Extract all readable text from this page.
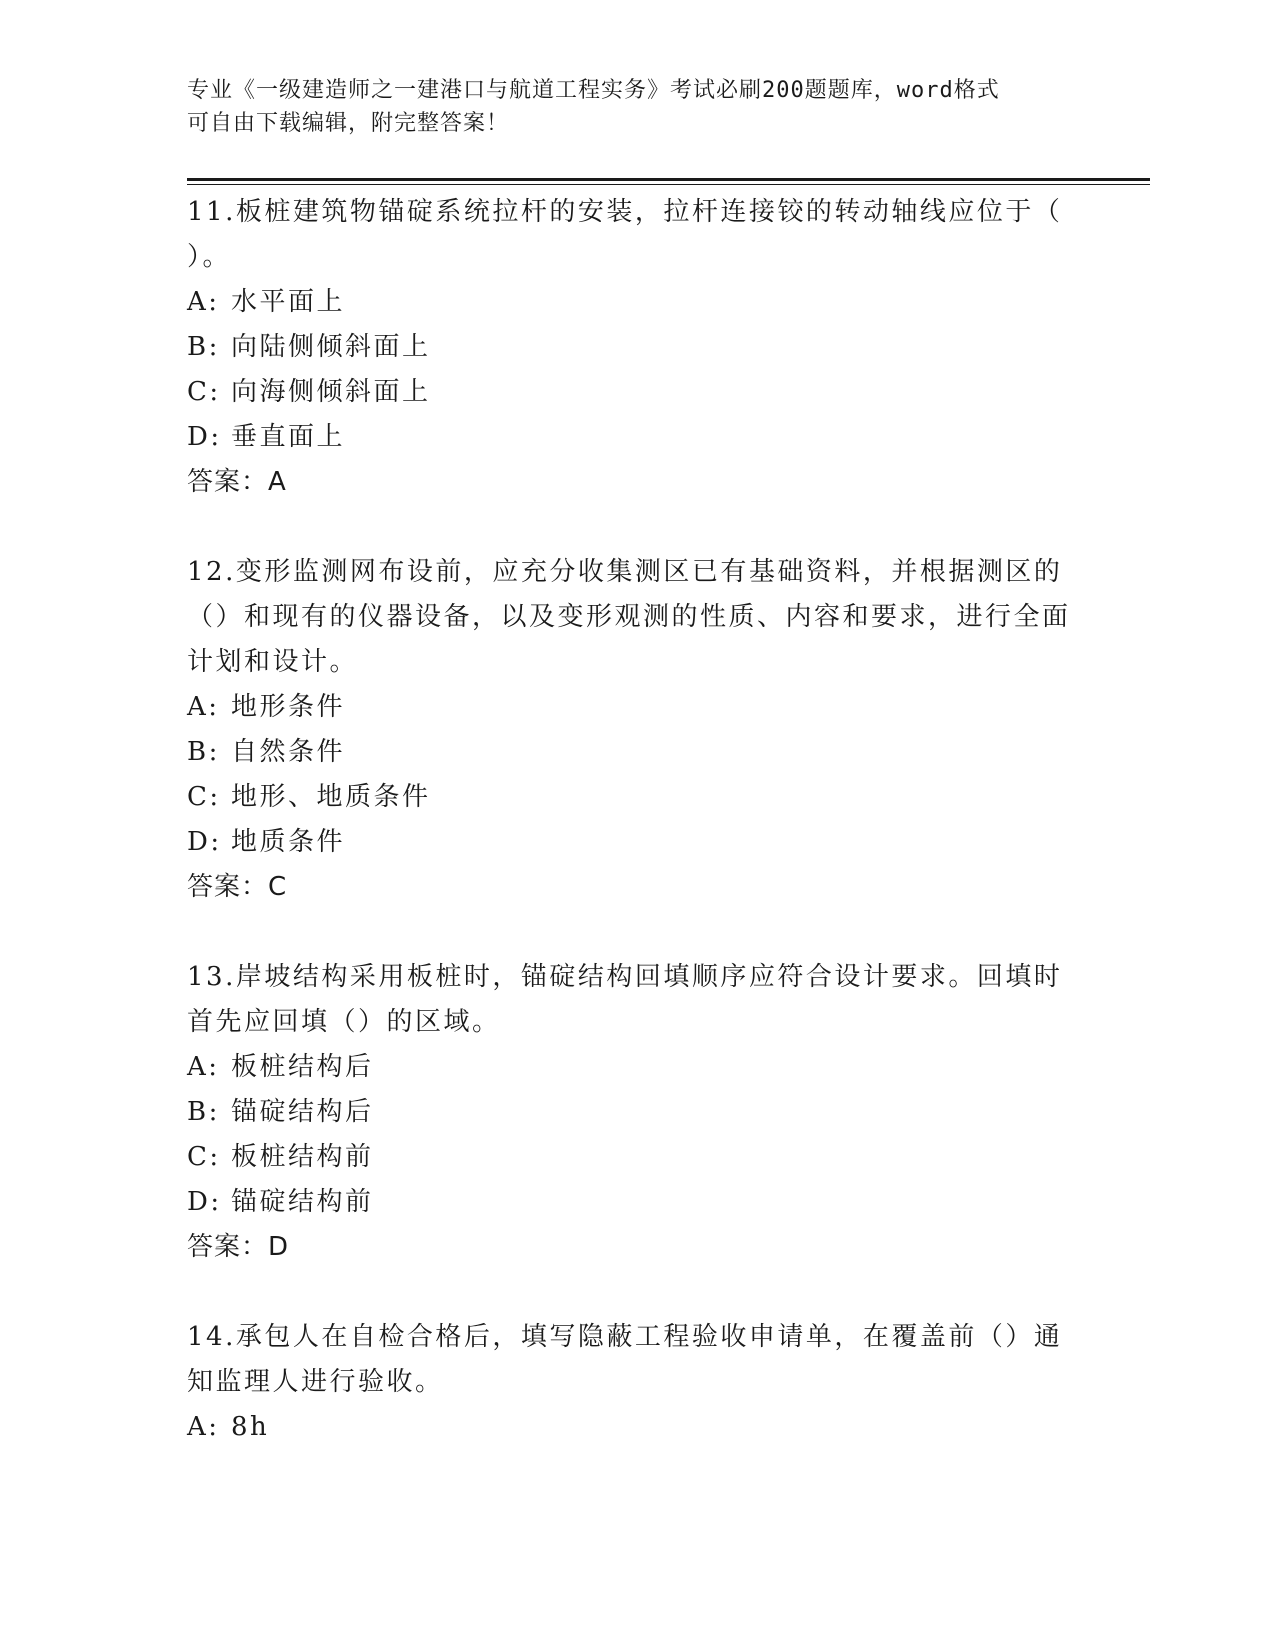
专业《一级建造师之一建港口与航道工程实务》考试必刷200题题库，word格式
可自由下载编辑，附完整答案！
11.板桩建筑物锚碇系统拉杆的安装，拉杆连接铰的转动轴线应位于（ ）。
A: 水平面上
B: 向陆侧倾斜面上
C: 向海侧倾斜面上
D: 垂直面上
答案：A
12.变形监测网布设前，应充分收集测区已有基础资料，并根据测区的（）和现有的仪器设备，以及变形观测的性质、内容和要求，进行全面计划和设计。
A: 地形条件
B: 自然条件
C: 地形、地质条件
D: 地质条件
答案：C
13.岸坡结构采用板桩时，锚碇结构回填顺序应符合设计要求。回填时首先应回填（）的区域。
A: 板桩结构后
B: 锚碇结构后
C: 板桩结构前
D: 锚碇结构前
答案：D
14.承包人在自检合格后，填写隐蔽工程验收申请单，在覆盖前（）通知监理人进行验收。
A: 8h
